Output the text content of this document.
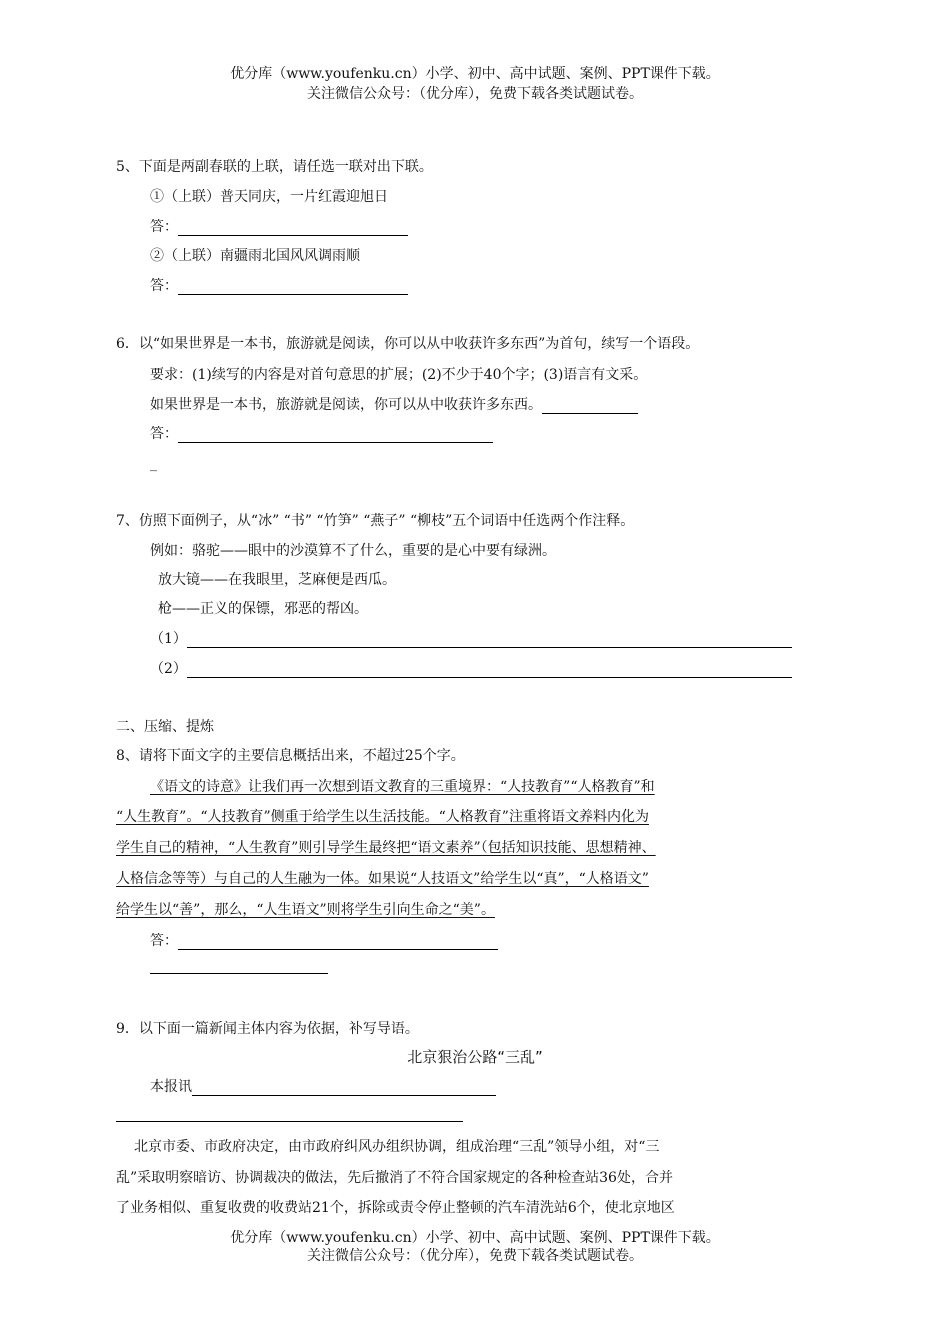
优分库（www.youfenku.cn）小学、初中、高中试题、案例、PPT课件下载。
关注微信公众号：（优分库），免费下载各类试题试卷。
5、下面是两副春联的上联，请任选一联对出下联。
①（上联）普天同庆，一片红霞迎旭日
答：
②（上联）南疆雨北国风风调雨顺
答：
6．以“如果世界是一本书，旅游就是阅读，你可以从中收获许多东西”为首句，续写一个语段。
要求：(1)续写的内容是对首句意思的扩展；(2)不少于40个字；(3)语言有文采。
如果世界是一本书，旅游就是阅读，你可以从中收获许多东西。
答：
_
7、仿照下面例子，从“冰” “书” “竹笋” “燕子” “柳枝”五个词语中任选两个作注释。
例如：骆驼——眼中的沙漠算不了什么，重要的是心中要有绿洲。
放大镜——在我眼里，芝麻便是西瓜。
枪——正义的保镖，邪恶的帮凶。
（1）
（2）
二、压缩、提炼
8、请将下面文字的主要信息概括出来，不超过25个字。
《语文的诗意》让我们再一次想到语文教育的三重境界：“人技教育”“人格教育”和
“人生教育”。“人技教育”侧重于给学生以生活技能。“人格教育”注重将语文养料内化为
学生自己的精神，“人生教育”则引导学生最终把“语文素养”（包括知识技能、思想精神、
人格信念等等）与自己的人生融为一体。如果说“人技语文”给学生以“真”，“人格语文”
给学生以“善”，那么，“人生语文”则将学生引向生命之“美”。
答：
9．以下面一篇新闻主体内容为依据，补写导语。
北京狠治公路“三乱”
本报讯
北京市委、市政府决定，由市政府纠风办组织协调，组成治理“三乱”领导小组，对“三
乱”采取明察暗访、协调裁决的做法，先后撤消了不符合国家规定的各种检查站36处，合并
了业务相似、重复收费的收费站21个，拆除或责令停止整顿的汽车清洗站6个，使北京地区
优分库（www.youfenku.cn）小学、初中、高中试题、案例、PPT课件下载。
关注微信公众号：（优分库），免费下载各类试题试卷。
